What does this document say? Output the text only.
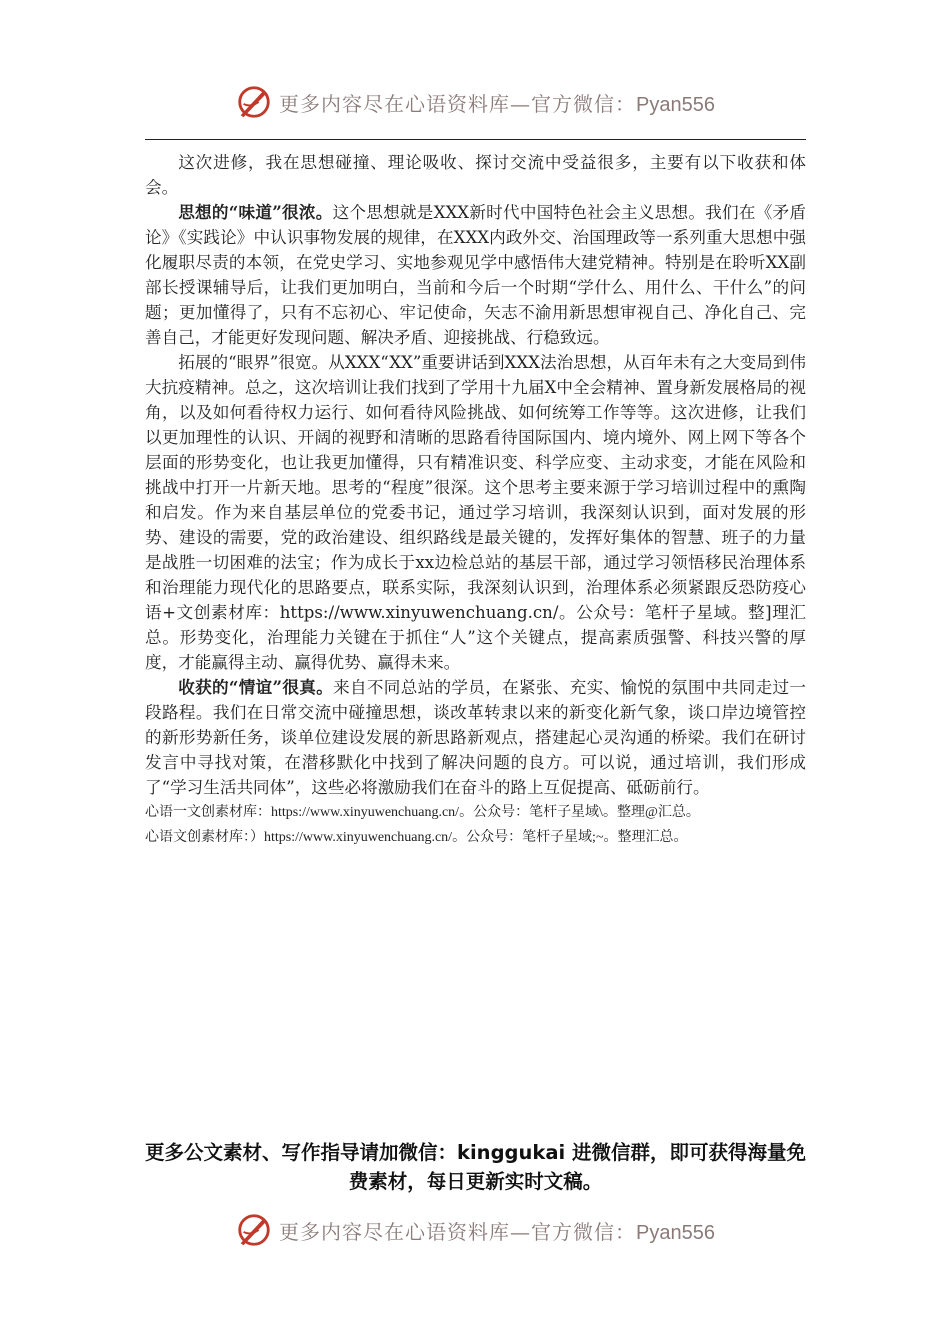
更多内容尽在心语资料库—官方微信：Pyan556

这次进修，我在思想碰撞、理论吸收、探讨交流中受益很多，主要有以下收获和体会。

思想的“味道”很浓。这个思想就是XXX新时代中国特色社会主义思想。我们在《矛盾论》《实践论》中认识事物发展的规律，在XXX内政外交、治国理政等一系列重大思想中强化履职尽责的本领，在党史学习、实地参观见学中感悟伟大建党精神。特别是在聆听XX副部长授课辅导后，让我们更加明白，当前和今后一个时期“学什么、用什么、干什么”的问题；更加懂得了，只有不忘初心、牢记使命，矢志不渝用新思想审视自己、净化自己、完善自己，才能更好发现问题、解决矛盾、迎接挑战、行稳致远。

拓展的“眼界”很宽。从XXX“XX”重要讲话到XXX法治思想，从百年未有之大变局到伟大抗疫精神。总之，这次培训让我们找到了学用十九届X中全会精神、置身新发展格局的视角，以及如何看待权力运行、如何看待风险挑战、如何统筹工作等等。这次进修，让我们以更加理性的认识、开阔的视野和清晰的思路看待国际国内、境内境外、网上网下等各个层面的形势变化，也让我更加懂得，只有精准识变、科学应变、主动求变，才能在风险和挑战中打开一片新天地。思考的“程度”很深。这个思考主要来源于学习培训过程中的熏陶和启发。作为来自基层单位的党委书记，通过学习培训，我深刻认识到，面对发展的形势、建设的需要，党的政治建设、组织路线是最关键的，发挥好集体的智慧、班子的力量是战胜一切困难的法宝；作为成长于xx边检总站的基层干部，通过学习领悟移民治理体系和治理能力现代化的思路要点，联系实际，我深刻认识到，治理体系必须紧跟反恐防疫心语+文创素材库：https://www.xinyuwenchuang.cn/。公众号：笔杆子星域。整]理汇总。形势变化，治理能力关键在于抓住“人”这个关键点，提高素质强警、科技兴警的厚度，才能赢得主动、赢得优势、赢得未来。

收获的“情谊”很真。来自不同总站的学员，在紧张、充实、愉悦的氛围中共同走过一段路程。我们在日常交流中碰撞思想，谈改革转隶以来的新变化新气象，谈口岸边境管控的新形势新任务，谈单位建设发展的新思路新观点，搭建起心灵沟通的桥梁。我们在研讨发言中寻找对策，在潜移默化中找到了解决问题的良方。可以说，通过培训，我们形成了“学习生活共同体”，这些必将激励我们在奋斗的路上互促提高、砥砺前行。

心语一文创素材库：https://www.xinyuwenchuang.cn/。公众号：笔杆子星域\。整理@汇总。

心语文创素材库：）https://www.xinyuwenchuang.cn/。公众号：笔杆子星域;~。整理汇总。

更多公文素材、写作指导请加微信：kinggukai 进微信群，即可获得海量免费素材，每日更新实时文稿。
更多内容尽在心语资料库—官方微信：Pyan556
